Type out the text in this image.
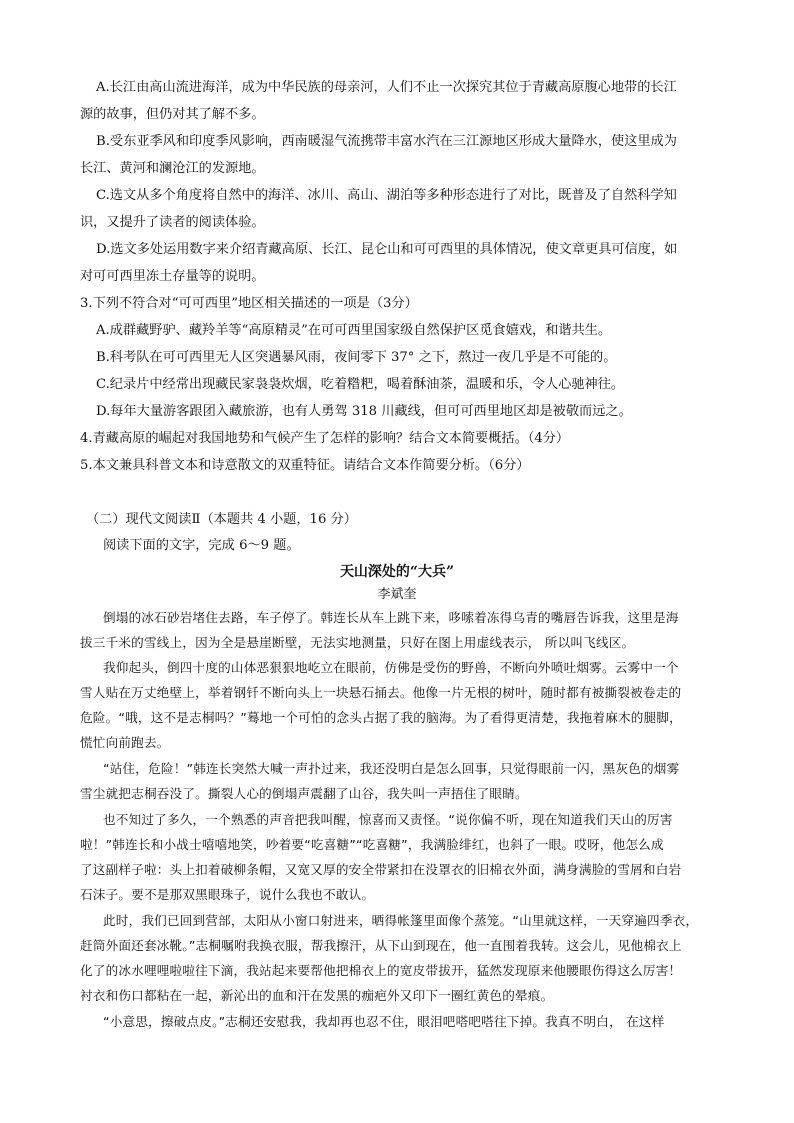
A.长江由高山流进海洋，成为中华民族的母亲河，人们不止一次探究其位于青藏高原腹心地带的长江
源的故事，但仍对其了解不多。
B.受东亚季风和印度季风影响，西南暖湿气流携带丰富水汽在三江源地区形成大量降水，使这里成为
长江、黄河和澜沧江的发源地。
C.选文从多个角度将自然中的海洋、冰川、高山、湖泊等多种形态进行了对比，既普及了自然科学知
识，又提升了读者的阅读体验。
D.选文多处运用数字来介绍青藏高原、长江、昆仑山和可可西里的具体情况，使文章更具可信度，如
对可可西里冻土存量等的说明。
3.下列不符合对“可可西里”地区相关描述的一项是（3分）
A.成群藏野驴、藏羚羊等“高原精灵”在可可西里国家级自然保护区觅食嬉戏，和谐共生。
B.科考队在可可西里无人区突遇暴风雨，夜间零下 37° 之下，熬过一夜几乎是不可能的。
C.纪录片中经常出现藏民家袅袅炊烟，吃着糌粑，喝着酥油茶，温暖和乐，令人心驰神往。
D.每年大量游客跟团入藏旅游，也有人勇驾 318 川藏线，但可可西里地区却是被敬而远之。
4.青藏高原的崛起对我国地势和气候产生了怎样的影响？结合文本简要概括。（4分）
5.本文兼具科普文本和诗意散文的双重特征。请结合文本作简要分析。（6分）
（二）现代文阅读Ⅱ（本题共 4 小题，16 分）
阅读下面的文字，完成 6～9 题。
天山深处的“大兵”
李斌奎
倒塌的冰石砂岩堵住去路，车子停了。韩连长从车上跳下来，哆嗦着冻得乌青的嘴唇告诉我，这里是海
拔三千米的雪线上，因为全是悬崖断壁，无法实地测量，只好在图上用虚线表示， 所以叫飞线区。
我仰起头，倒四十度的山体恶狠狠地屹立在眼前，仿佛是受伤的野兽，不断向外喷吐烟雾。云雾中一个
雪人贴在万丈绝壁上，举着钢钎不断向头上一块悬石捅去。他像一片无根的树叶，随时都有被撕裂被卷走的
危险。“哦，这不是志桐吗？”蓦地一个可怕的念头占据了我的脑海。为了看得更清楚，我拖着麻木的腿脚，
慌忙向前跑去。
“站住，危险！”韩连长突然大喊一声扑过来，我还没明白是怎么回事，只觉得眼前一闪，黑灰色的烟雾
雪尘就把志桐吞没了。撕裂人心的倒塌声震翻了山谷，我失叫一声捂住了眼睛。
也不知过了多久，一个熟悉的声音把我叫醒，惊喜而又责怪。“说你偏不听，现在知道我们天山的厉害
啦！”韩连长和小战士嘻嘻地笑，吵着要“吃喜糖”“吃喜糖”，我满脸绯红，也斜了一眼。哎呀，他怎么成
了这副样子啦：头上扣着破柳条帽，又宽又厚的安全带紧扣在没罩衣的旧棉衣外面，满身满脸的雪屑和白岩
石沫子。要不是那双黑眼珠子，说什么我也不敢认。
此时，我们已回到营部，太阳从小窗口射进来，晒得帐篷里面像个蒸笼。“山里就这样，一天穿遍四季衣，
赶筒外面还套冰靴。”志桐嘱咐我换衣服，帮我擦汗，从下山到现在，他一直围着我转。这会儿，见他棉衣上
化了的冰水哩哩啦啦往下滴，我站起来要帮他把棉衣上的宽皮带拔开，猛然发现原来他腰眼伤得这么厉害！
衬衣和伤口都粘在一起，新沁出的血和汗在发黑的痂疤外又印下一圈红黄色的晕痕。
“小意思，擦破点皮。”志桐还安慰我，我却再也忍不住，眼泪吧嗒吧嗒往下掉。我真不明白， 在这样
